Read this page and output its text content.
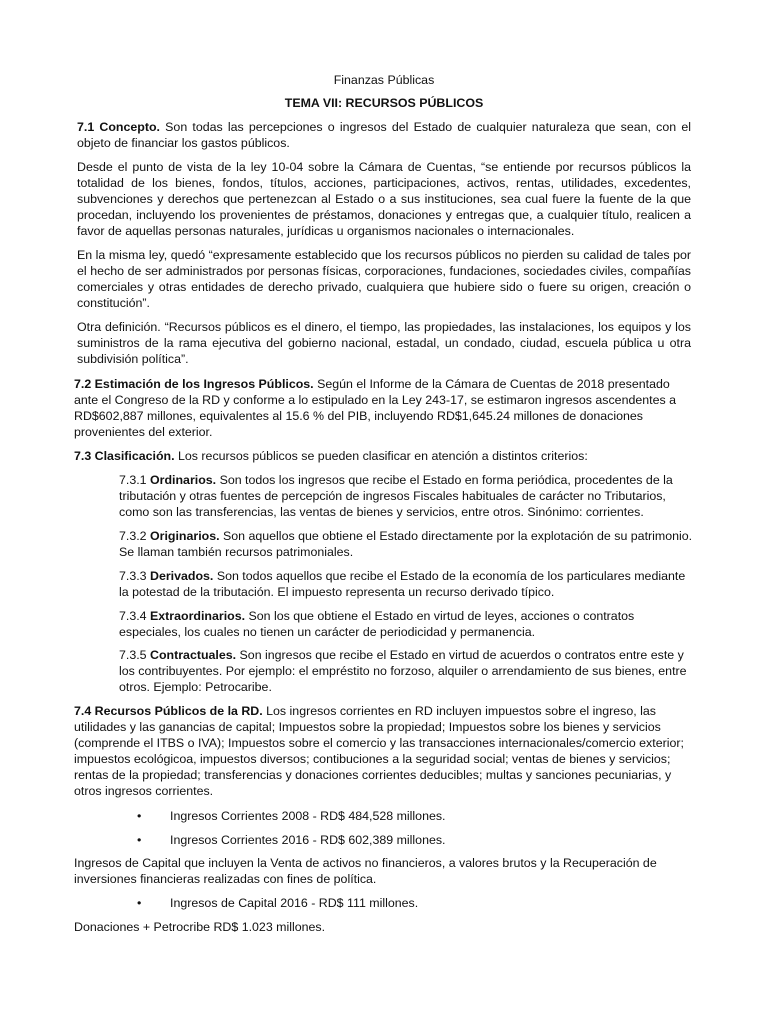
Finanzas Públicas
TEMA VII: RECURSOS PÚBLICOS
7.1 Concepto. Son todas las percepciones o ingresos del Estado de cualquier naturaleza que sean, con el objeto de financiar los gastos públicos.
Desde el punto de vista de la ley 10-04 sobre la Cámara de Cuentas, “se entiende por recursos públicos la totalidad de los bienes, fondos, títulos, acciones, participaciones, activos, rentas, utilidades, excedentes, subvenciones y derechos que pertenezcan al Estado o a sus instituciones, sea cual fuere la fuente de la que procedan, incluyendo los provenientes de préstamos, donaciones y entregas que, a cualquier título, realicen a favor de aquellas personas naturales, jurídicas u organismos nacionales o internacionales.
En la misma ley, quedó “expresamente establecido que los recursos públicos no pierden su calidad de tales por el hecho de ser administrados por personas físicas, corporaciones, fundaciones, sociedades civiles, compañías comerciales y otras entidades de derecho privado, cualquiera que hubiere sido o fuere su origen, creación o constitución”.
Otra definición. “Recursos públicos es el dinero, el tiempo, las propiedades, las instalaciones, los equipos y los suministros de la rama ejecutiva del gobierno nacional, estadal, un condado, ciudad, escuela pública u otra subdivisión política”.
7.2 Estimación de los Ingresos Públicos. Según el Informe de la Cámara de Cuentas de 2018 presentado ante el Congreso de la RD y conforme a lo estipulado en la Ley 243-17, se estimaron ingresos ascendentes a RD$602,887 millones, equivalentes al 15.6 % del PIB, incluyendo RD$1,645.24 millones de donaciones provenientes del exterior.
7.3 Clasificación. Los recursos públicos se pueden clasificar en atención a distintos criterios:
7.3.1 Ordinarios. Son todos los ingresos que recibe el Estado en forma periódica, procedentes de la tributación y otras fuentes de percepción de ingresos Fiscales habituales de carácter no Tributarios, como son las transferencias, las ventas de bienes y servicios, entre otros. Sinónimo: corrientes.
7.3.2 Originarios. Son aquellos que obtiene el Estado directamente por la explotación de su patrimonio. Se llaman también recursos patrimoniales.
7.3.3 Derivados. Son todos aquellos que recibe el Estado de la economía de los particulares mediante la potestad de la tributación. El impuesto representa un recurso derivado típico.
7.3.4 Extraordinarios. Son los que obtiene el Estado en virtud de leyes, acciones o contratos especiales, los cuales no tienen un carácter de periodicidad y permanencia.
7.3.5 Contractuales. Son ingresos que recibe el Estado en virtud de acuerdos o contratos entre este y los contribuyentes. Por ejemplo: el empréstito no forzoso, alquiler o arrendamiento de sus bienes, entre otros. Ejemplo: Petrocaribe.
7.4 Recursos Públicos de la RD. Los ingresos corrientes en RD incluyen impuestos sobre el ingreso, las utilidades y las ganancias de capital; Impuestos sobre la propiedad; Impuestos sobre los bienes y servicios (comprende el ITBS o IVA); Impuestos sobre el comercio y las transacciones internacionales/comercio exterior; impuestos ecológicoa, impuestos diversos; contibuciones a la seguridad social; ventas de bienes y servicios; rentas de la propiedad; transferencias y donaciones corrientes deducibles; multas y sanciones pecuniarias, y otros ingresos corrientes.
• Ingresos Corrientes 2008 - RD$ 484,528 millones.
• Ingresos Corrientes 2016 - RD$ 602,389 millones.
Ingresos de Capital que incluyen la Venta de activos no financieros, a valores brutos y la Recuperación de inversiones financieras realizadas con fines de política.
• Ingresos de Capital 2016 - RD$ 111 millones.
Donaciones + Petrocribe RD$ 1.023 millones.
